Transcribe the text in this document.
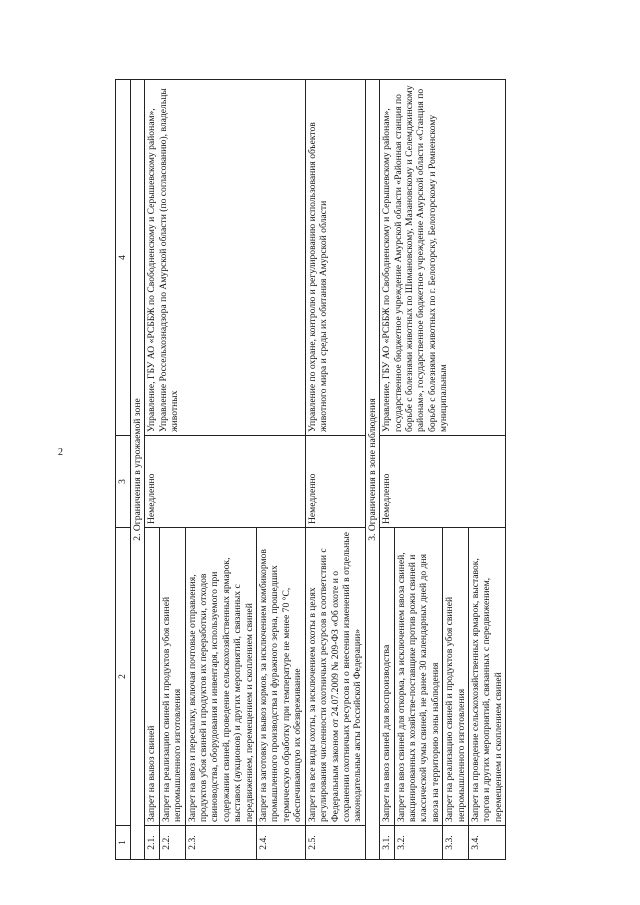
2
1	2	3	4
2. Ограничения в угрожаемой зоне			
2.1.	Запрет на вывоз свиней	Немедленно	Управление, ГБУ АО «РСББЖ по Свободненскому и Серышевскому районам», Управление Россельхознадзора по Амурской области (по согласованию), владельцы животных
2.2.	Запрет на реализацию свиней и продуктов убоя свиней непромышленного изготовления		
2.3.	Запрет на ввоз и пересылку, включая почтовые отправления, продуктов убоя свиней и продуктов их переработки, отходов свиноводства, оборудования и инвентаря, используемого при содержании свиней, проведение сельскохозяйственных ярмарок, выставок (аукционов) и других мероприятий, связанных с передвижением, перемещением и скоплением свиней		
2.4.	Запрет на заготовку и вывоз кормов, за исключением комбикормов промышленного производства и фуражного зерна, прошедших термическую обработку при температуре не менее 70 °С, обеспечивающую их обезвреживание		
2.5.	Запрет на все виды охоты, за исключением охоты в целях регулирования численности охотничьих ресурсов в соответствии с Федеральным законом от 24.07.2009 № 209-ФЗ «Об охоте и о сохранении охотничьих ресурсов и о внесении изменений в отдельные законодательные акты Российской Федерации»	Немедленно	Управление по охране, контролю и регулированию использования объектов животного мира и среды их обитания Амурской области
3. Ограничения в зоне наблюдения			
3.1.	Запрет на ввоз свиней для воспроизводства	Немедленно	Управление, ГБУ АО «РСББЖ по Свободненскому и Серышевскому районам», государственное бюджетное учреждение Амурской области «Районная станция по борьбе с болезнями животных по Шимановскому, Мазановскому и Селемджинскому районам», государственное бюджетное учреждение Амурской области «Станция по борьбе с болезнями животных по г. Белогорску, Белогорскому и Ромненскому муниципальным
3.2.	Запрет на ввоз свиней для откорма, за исключением ввоза свиней, вакцинированных в хозяйстве-поставщике против рожи свиней и классической чумы свиней, не ранее 30 календарных дней до дня ввоза на территорию зоны наблюдения		
3.3.	Запрет на реализацию свиней и продуктов убоя свиней непромышленного изготовления		
3.4.	Запрет на проведение сельскохозяйственных ярмарок, выставок, торгов и других мероприятий, связанных с передвижением, перемещением и скоплением свиней		
